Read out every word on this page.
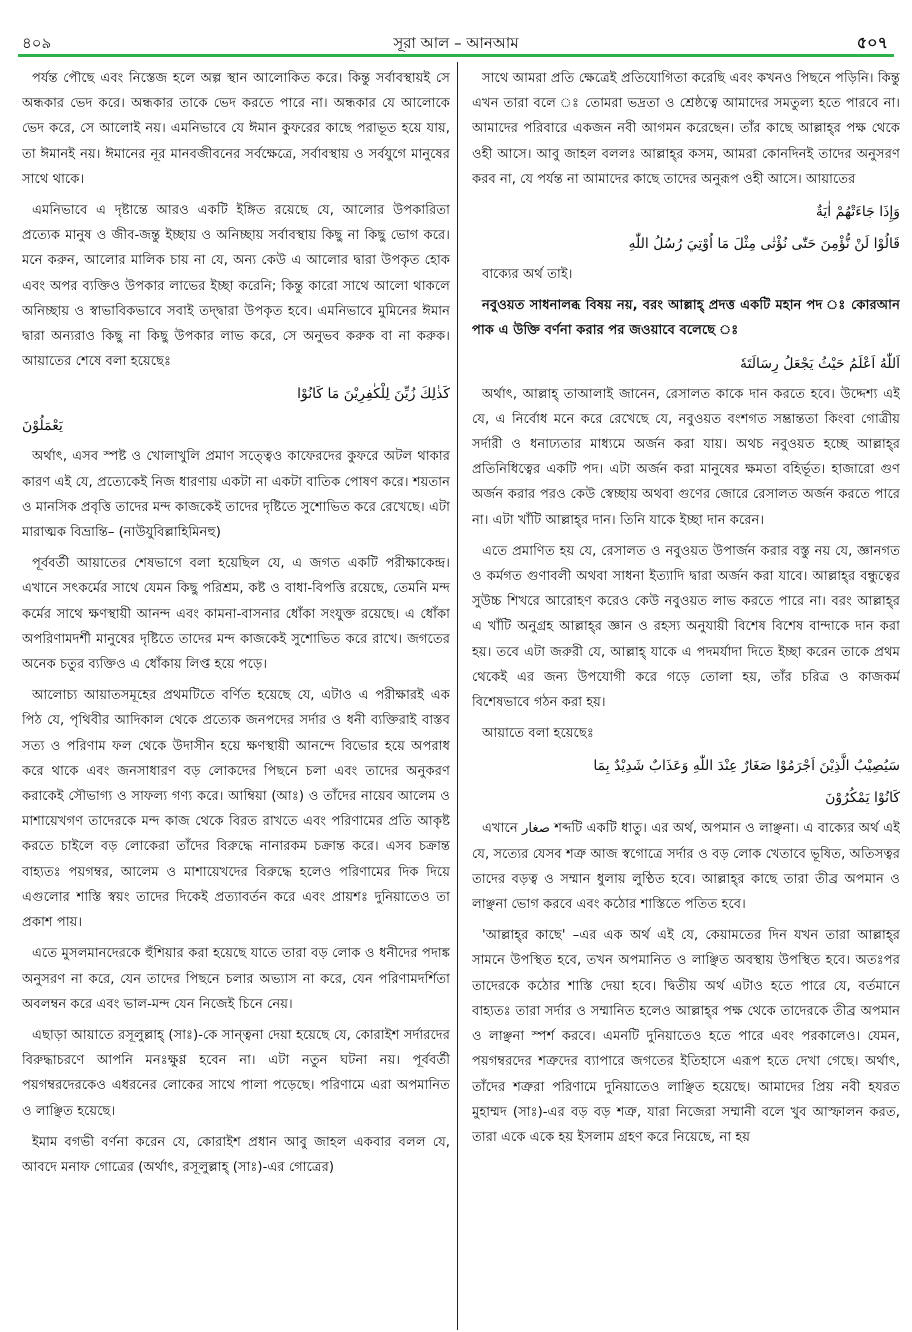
৪০৯	সূরা আল – আনআম	৫০৭

পর্যন্ত পৌছে এবং নিস্তেজ হলে অল্প স্থান আলোকিত করে। কিন্তু সর্বাবস্থায়ই সে অন্ধকার ভেদ করে। অন্ধকার তাকে ভেদ করতে পারে না। অন্ধকার যে আলোকে ভেদ করে, সে আলোই নয়। এমনিভাবে যে ঈমান কুফরের কাছে পরাভূত হয়ে যায়, তা ঈমানই নয়। ঈমানের নূর মানবজীবনের সর্বক্ষেত্রে, সর্বাবস্থায় ও সর্বযুগে মানুষের সাথে থাকে।

এমনিভাবে এ দৃষ্টান্তে আরও একটি ইঙ্গিত রয়েছে যে, আলোর উপকারিতা প্রত্যেক মানুষ ও জীব-জন্তু ইচ্ছায় ও অনিচ্ছায় সর্বাবস্থায় কিছু না কিছু ভোগ করে। মনে করুন, আলোর মালিক চায় না যে, অন্য কেউ এ আলোর দ্বারা উপকৃত হোক এবং অপর ব্যক্তিও উপকার লাভের ইচ্ছা করেনি; কিন্তু কারো সাথে আলো থাকলে অনিচ্ছায় ও স্বাভাবিকভাবে সবাই তদ্দ্বারা উপকৃত হবে। এমনিভাবে মুমিনের ঈমান দ্বারা অন্যরাও কিছু না কিছু উপকার লাভ করে, সে অনুভব করুক বা না করুক। আয়াতের শেষে বলা হয়েছেঃ

كَذٰلِكَ زُيِّنَ لِلْكٰفِرِيْنَ مَا كَانُوْا
يَعْمَلُوْنَ

অর্থাৎ, এসব স্পষ্ট ও খোলাখুলি প্রমাণ সত্ত্বেও কাফেরদের কুফরে অটল থাকার কারণ এই যে, প্রত্যেকেই নিজ ধারণায় একটা না একটা বাতিক পোষণ করে। শয়তান ও মানসিক প্রবৃত্তি তাদের মন্দ কাজকেই তাদের দৃষ্টিতে সুশোভিত করে রেখেছে। এটা মারাত্মক বিভ্রান্তি– (নাউযুবিল্লাহিমিনহু)

পূর্ববর্তী আয়াতের শেষভাগে বলা হয়েছিল যে, এ জগত একটি পরীক্ষাকেন্দ্র। এখানে সৎকর্মের সাথে যেমন কিছু পরিশ্রম, কষ্ট ও বাধা-বিপত্তি রয়েছে, তেমনি মন্দ কর্মের সাথে ক্ষণস্থায়ী আনন্দ এবং কামনা-বাসনার ধোঁকা সংযুক্ত রয়েছে। এ ধোঁকা অপরিণামদর্শী মানুষের দৃষ্টিতে তাদের মন্দ কাজকেই সুশোভিত করে রাখে। জগতের অনেক চতুর ব্যক্তিও এ ধোঁকায় লিপ্ত হয়ে পড়ে।

আলোচ্য আয়াতসমূহের প্রথমটিতে বর্ণিত হয়েছে যে, এটাও এ পরীক্ষারই এক পিঠ যে, পৃথিবীর আদিকাল থেকে প্রত্যেক জনপদের সর্দার ও ধনী ব্যক্তিরাই বাস্তব সত্য ও পরিণাম ফল থেকে উদাসীন হয়ে ক্ষণস্থায়ী আনন্দে বিভোর হয়ে অপরাধ করে থাকে এবং জনসাধারণ বড় লোকদের পিছনে চলা এবং তাদের অনুকরণ করাকেই সৌভাগ্য ও সাফল্য গণ্য করে। আম্বিয়া (আঃ) ও তাঁদের নায়েব আলেম ও মাশায়েখগণ তাদেরকে মন্দ কাজ থেকে বিরত রাখতে এবং পরিণামের প্রতি আকৃষ্ট করতে চাইলে বড় লোকেরা তাঁদের বিরুদ্ধে নানারকম চক্রান্ত করে। এসব চক্রান্ত বাহ্যতঃ পয়গম্বর, আলেম ও মাশায়েখদের বিরুদ্ধে হলেও পরিণামের দিক দিয়ে এগুলোর শাস্তি স্বয়ং তাদের দিকেই প্রত্যাবর্তন করে এবং প্রায়শঃ দুনিয়াতেও তা প্রকাশ পায়।

এতে মুসলমানদেরকে হুঁশিয়ার করা হয়েছে যাতে তারা বড় লোক ও ধনীদের পদাঙ্ক অনুসরণ না করে, যেন তাদের পিছনে চলার অভ্যাস না করে, যেন পরিণামদর্শিতা অবলম্বন করে এবং ভাল-মন্দ যেন নিজেই চিনে নেয়।

এছাড়া আয়াতে রসূলুল্লাহ্‌ (সাঃ)-কে সান্ত্বনা দেয়া হয়েছে যে, কোরাইশ সর্দারদের বিরুদ্ধাচরণে আপনি মনঃক্ষুণ্ণ হবেন না। এটা নতুন ঘটনা নয়। পূর্ববর্তী পয়গম্বরদেরকেও এধরনের লোকের সাথে পালা পড়েছে। পরিণামে এরা অপমানিত ও লাঞ্ছিত হয়েছে।

ইমাম বগভী বর্ণনা করেন যে, কোরাইশ প্রধান আবু জাহল একবার বলল যে, আবদে মনাফ গোত্রের (অর্থাৎ, রসূলুল্লাহ্‌ (সাঃ)-এর গোত্রের)

সাথে আমরা প্রতি ক্ষেত্রেই প্রতিযোগিতা করেছি এবং কখনও পিছনে পড়িনি। কিন্তু এখন তারা বলে ঃ তোমরা ভদ্রতা ও শ্রেষ্ঠত্বে আমাদের সমতুল্য হতে পারবে না। আমাদের পরিবারে একজন নবী আগমন করেছেন। তাঁর কাছে আল্লাহ্‌র পক্ষ থেকে ওহী আসে। আবু জাহল বললঃ আল্লাহ্‌র কসম, আমরা কোনদিনই তাদের অনুসরণ করব না, যে পর্যন্ত না আমাদের কাছে তাদের অনুরূপ ওহী আসে। আয়াতের

وَإِذَا جَاءَتْهُمْ اٰيَةٌ
قَالُوْا لَنْ نُّؤْمِنَ حَتّٰى نُؤْتٰى مِثْلَ مَا اُوْتِيَ رُسُلُ اللّٰهِ

বাক্যের অর্থ তাই।

নবুওয়ত সাধনালব্ধ বিষয় নয়, বরং আল্লাহ্‌ প্রদত্ত একটি মহান পদ ঃ কোরআন পাক এ উক্তি বর্ণনা করার পর জওয়াবে বলেছে ঃ

اَللّٰهُ اَعْلَمُ حَيْثُ يَجْعَلُ رِسَالَتَهٗ

অর্থাৎ, আল্লাহ্‌ তাআলাই জানেন, রেসালত কাকে দান করতে হবে। উদ্দেশ্য এই যে, এ নির্বোধ মনে করে রেখেছে যে, নবুওয়ত বংশগত সম্ভ্রান্ততা কিংবা গোত্রীয় সর্দারী ও ধনাঢ্যতার মাধ্যমে অর্জন করা যায়। অথচ নবুওয়ত হচ্ছে আল্লাহ্‌র প্রতিনিধিত্বের একটি পদ। এটা অর্জন করা মানুষের ক্ষমতা বহির্ভূত। হাজারো গুণ অর্জন করার পরও কেউ স্বেচ্ছায় অথবা গুণের জোরে রেসালত অর্জন করতে পারে না। এটা খাঁটি আল্লাহ্‌র দান। তিনি যাকে ইচ্ছা দান করেন।

এতে প্রমাণিত হয় যে, রেসালত ও নবুওয়ত উপার্জন করার বস্তু নয় যে, জ্ঞানগত ও কর্মগত গুণাবলী অথবা সাধনা ইত্যাদি দ্বারা অর্জন করা যাবে। আল্লাহ্‌র বন্ধুত্বের সুউচ্চ শিখরে আরোহণ করেও কেউ নবুওয়ত লাভ করতে পারে না। বরং আল্লাহ্‌র এ খাঁটি অনুগ্রহ আল্লাহ্‌র জ্ঞান ও রহস্য অনুযায়ী বিশেষ বিশেষ বান্দাকে দান করা হয়। তবে এটা জরুরী যে, আল্লাহ্‌ যাকে এ পদমর্যাদা দিতে ইচ্ছা করেন তাকে প্রথম থেকেই এর জন্য উপযোগী করে গড়ে তোলা হয়, তাঁর চরিত্র ও কাজকর্ম বিশেষভাবে গঠন করা হয়।

আয়াতে বলা হয়েছেঃ

سَيُصِيْبُ الَّذِيْنَ اَجْرَمُوْا صَغَارٌ عِنْدَ اللّٰهِ وَعَذَابٌ شَدِيْدٌ بِمَا
كَانُوْا يَمْكُرُوْنَ

এখানে صغار শব্দটি একটি ধাতু। এর অর্থ, অপমান ও লাঞ্ছনা। এ বাক্যের অর্থ এই যে, সত্যের যেসব শত্রু আজ স্বগোত্রে সর্দার ও বড় লোক খেতাবে ভূষিত, অতিসত্বর তাদের বড়ত্ব ও সম্মান ধুলায় লুণ্ঠিত হবে। আল্লাহ্‌র কাছে তারা তীব্র অপমান ও লাঞ্ছনা ভোগ করবে এবং কঠোর শাস্তিতে পতিত হবে।

'আল্লাহ্‌র কাছে' –এর এক অর্থ এই যে, কেয়ামতের দিন যখন তারা আল্লাহ্‌র সামনে উপস্থিত হবে, তখন অপমানিত ও লাঞ্ছিত অবস্থায় উপস্থিত হবে। অতঃপর তাদেরকে কঠোর শাস্তি দেয়া হবে। দ্বিতীয় অর্থ এটাও হতে পারে যে, বর্তমানে বাহ্যতঃ তারা সর্দার ও সম্মানিত হলেও আল্লাহ্‌র পক্ষ থেকে তাদেরকে তীব্র অপমান ও লাঞ্ছনা স্পর্শ করবে। এমনটি দুনিয়াতেও হতে পারে এবং পরকালেও। যেমন, পয়গম্বরদের শত্রুদের ব্যাপারে জগতের ইতিহাসে এরূপ হতে দেখা গেছে। অর্থাৎ, তাঁদের শত্রুরা পরিণামে দুনিয়াতেও লাঞ্ছিত হয়েছে। আমাদের প্রিয় নবী হযরত মুহাম্মদ (সাঃ)-এর বড় বড় শত্রু, যারা নিজেরা সম্মানী বলে খুব আস্ফালন করত, তারা একে একে হয় ইসলাম গ্রহণ করে নিয়েছে, না হয়
